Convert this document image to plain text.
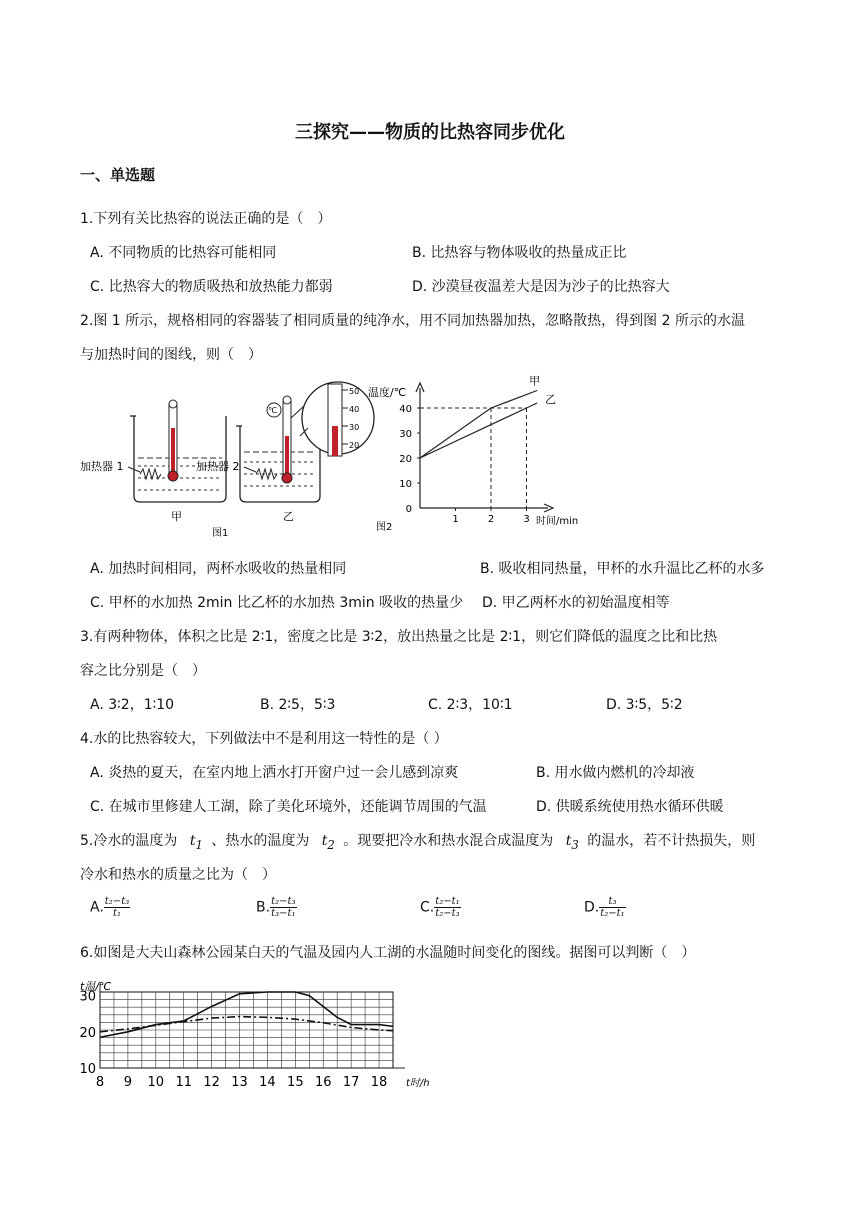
三探究——物质的比热容同步优化
一、单选题
1.下列有关比热容的说法正确的是（　）
A. 不同物质的比热容可能相同	B. 比热容与物体吸收的热量成正比
C. 比热容大的物质吸热和放热能力都弱	D. 沙漠昼夜温差大是因为沙子的比热容大
2.图 1 所示，规格相同的容器装了相同质量的纯净水，用不同加热器加热，忽略散热，得到图 2 所示的水温
与加热时间的图线，则（　）
加热器 1
甲
℃
加热器 2
乙
50
40
30
20
图1
温度/℃
时间/min
图2
0
10
20
30
40
1	2	3
甲
乙
A. 加热时间相同，两杯水吸收的热量相同	B. 吸收相同热量，甲杯的水升温比乙杯的水多
C. 甲杯的水加热 2min 比乙杯的水加热 3min 吸收的热量少 D. 甲乙两杯水的初始温度相等
3.有两种物体，体积之比是 2∶1，密度之比是 3∶2，放出热量之比是 2∶1，则它们降低的温度之比和比热
容之比分别是（　）
A. 3∶2，1∶10	B. 2∶5，5∶3	C. 2∶3，10∶1	D. 3∶5，5∶2
4.水的比热容较大，下列做法中不是利用这一特性的是（ ）
A. 炎热的夏天，在室内地上洒水打开窗户过一会儿感到凉爽	B. 用水做内燃机的冷却液
C. 在城市里修建人工湖，除了美化环境外，还能调节周围的气温	D. 供暖系统使用热水循环供暖
5.冷水的温度为 $t_1$ 、热水的温度为 $t_2$ 。现要把冷水和热水混合成温度为 $t_3$ 的温水，若不计热损失，则
冷水和热水的质量之比为（　）
A. $\frac{\text{t₂−t₃}}{\text{t₁}}$	B. $\frac{\text{t₂−t₃}}{\text{t₃−t₁}}$	C. $\frac{\text{t₂−t₁}}{\text{t₂−t₃}}$	D. $\frac{\text{t₃}}{\text{t₂−t₁}}$
6.如图是大夫山森林公园某白天的气温及园内人工湖的水温随时间变化的图线。据图可以判断（　）
t温/℃
t时/h
10
20
30
8 9 10 11 12 13 14 15 16 17 18
